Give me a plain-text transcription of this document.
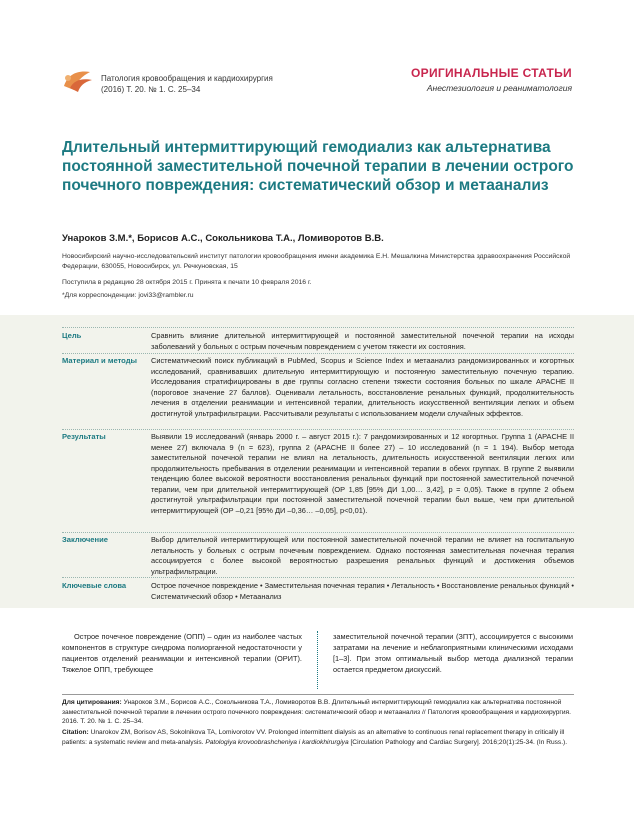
Патология кровообращения и кардиохирургия
(2016) Т. 20. № 1. С. 25–34
ОРИГИНАЛЬНЫЕ СТАТЬИ
Анестезиология и реаниматология
Длительный интермиттирующий гемодиализ как альтернатива постоянной заместительной почечной терапии в лечении острого почечного повреждения: систематический обзор и метаанализ
Унароков З.М.*, Борисов А.С., Сокольникова Т.А., Ломиворотов В.В.
Новосибирский научно-исследовательский институт патологии кровообращения имени академика Е.Н. Мешалкина Министерства здравоохранения Российской Федерации, 630055, Новосибирск, ул. Речкуновская, 15
Поступила в редакцию 28 октября 2015 г. Принята к печати 10 февраля 2016 г.
*Для корреспонденции: jovi33@rambler.ru
Цель	Сравнить влияние длительной интермиттирующей и постоянной заместительной почечной терапии на исходы заболеваний у больных с острым почечным повреждением с учетом тяжести их состояния.
Материал и методы	Систематический поиск публикаций в PubMed, Scopus и Science Index и метаанализ рандомизированных и когортных исследований, сравнивавших длительную интермиттирующую и постоянную заместительную почечную терапию. Исследования стратифицированы в две группы согласно степени тяжести состояния больных по шкале APACHE II (пороговое значение 27 баллов). Оценивали летальность, восстановление ренальных функций, продолжительность лечения в отделении реанимации и интенсивной терапии, длительность искусственной вентиляции легких и объем достигнутой ультрафильтрации. Рассчитывали результаты с использованием модели случайных эффектов.
Результаты	Выявили 19 исследований (январь 2000 г. – август 2015 г.): 7 рандомизированных и 12 когортных. Группа 1 (APACHE II менее 27) включала 9 (n = 623), группа 2 (APACHE II более 27) – 10 исследований (n = 1 194). Выбор метода заместительной почечной терапии не влиял на летальность, длительность искусственной вентиляции легких или продолжительность пребывания в отделении реанимации и интенсивной терапии в обеих группах. В группе 2 выявили тенденцию более высокой вероятности восстановления ренальных функций при постоянной заместительной почечной терапии, чем при длительной интермиттирующей (ОР 1,85 [95% ДИ 1,00… 3,42], p = 0,05). Также в группе 2 объем достигнутой ультрафильтрации при постоянной заместительной почечной терапии был выше, чем при длительной интермиттирующей (ОР –0,21 [95% ДИ –0,36… –0,05], p<0,01).
Заключение	Выбор длительной интермиттирующей или постоянной заместительной почечной терапии не влияет на госпитальную летальность у больных с острым почечным повреждением. Однако постоянная заместительная почечная терапия ассоциируется с более высокой вероятностью разрешения ренальных функций и достижения объемов ультрафильтрации.
Ключевые слова	Острое почечное повреждение • Заместительная почечная терапия • Летальность • Восстановление ренальных функций • Систематический обзор • Метаанализ
Острое почечное повреждение (ОПП) – один из наиболее частых компонентов в структуре синдрома полиорганной недостаточности у пациентов отделений реанимации и интенсивной терапии (ОРИТ). Тяжелое ОПП, требующее
заместительной почечной терапии (ЗПТ), ассоциируется с высокими затратами на лечение и неблагоприятными клиническими исходами [1–3]. При этом оптимальный выбор метода диализной терапии остается предметом дискуссий.
Для цитирования: Унароков З.М., Борисов А.С., Сокольникова Т.А., Ломиворотов В.В. Длительный интермиттирующий гемодиализ как альтернатива постоянной заместительной почечной терапии в лечении острого почечного повреждения: систематический обзор и метаанализ // Патология кровообращения и кардиохирургия. 2016. Т. 20. № 1. С. 25–34.
Citation: Unarokov ZM, Borisov AS, Sokolnikova TA, Lomivorotov VV. Prolonged intermittent dialysis as an alternative to continuous renal replacement therapy in critically ill patients: a systematic review and meta-analysis. Patologiya krovoobrashcheniya i kardiokhirurgiya [Circulation Pathology and Cardiac Surgery]. 2016;20(1):25-34. (In Russ.).
